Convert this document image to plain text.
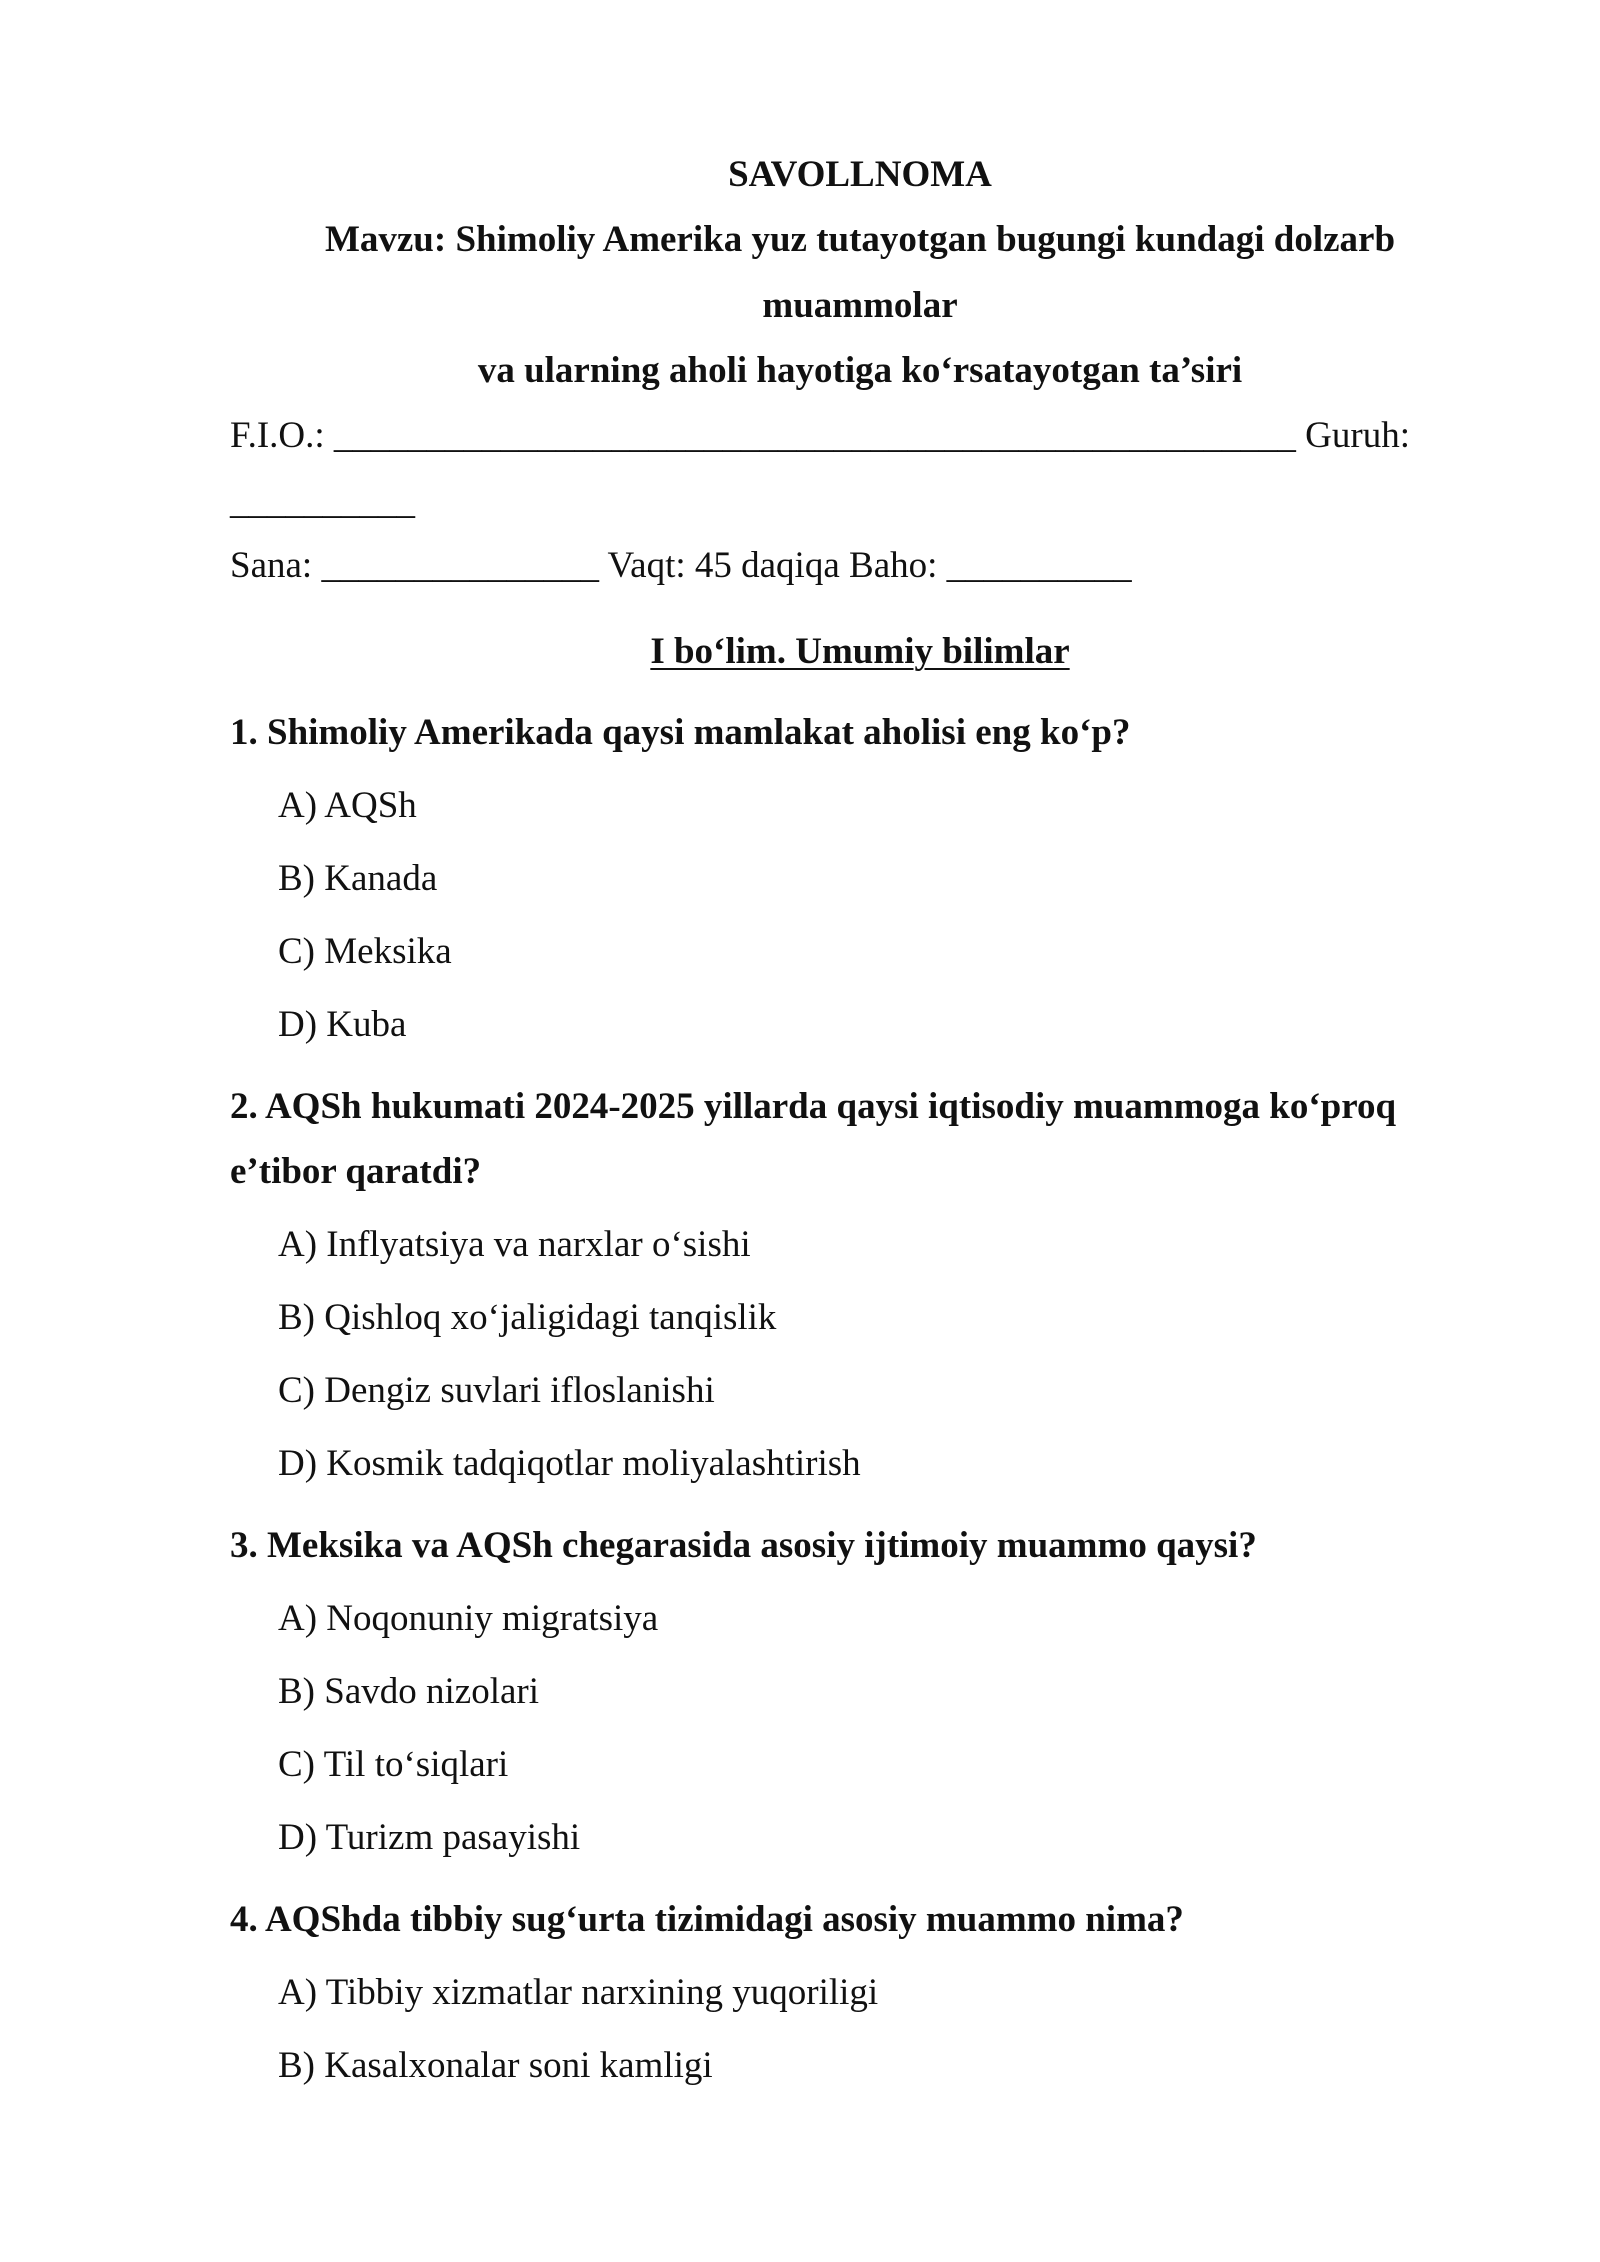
SAVOLLNOMA
Mavzu: Shimoliy Amerika yuz tutayotgan bugungi kundagi dolzarb
muammolar
va ularning aholi hayotiga ko‘rsatayotgan ta’siri
F.I.O.: ____________________________________________________ Guruh:
__________
Sana: _______________ Vaqt: 45 daqiqa Baho: __________
I bo‘lim. Umumiy bilimlar
1. Shimoliy Amerikada qaysi mamlakat aholisi eng ko‘p?
A) AQSh
B) Kanada
C) Meksika
D) Kuba
2. AQSh hukumati 2024-2025 yillarda qaysi iqtisodiy muammoga ko‘proq
e’tibor qaratdi?
A) Inflyatsiya va narxlar o‘sishi
B) Qishloq xo‘jaligidagi tanqislik
C) Dengiz suvlari ifloslanishi
D) Kosmik tadqiqotlar moliyalashtirish
3. Meksika va AQSh chegarasida asosiy ijtimoiy muammo qaysi?
A) Noqonuniy migratsiya
B) Savdo nizolari
C) Til to‘siqlari
D) Turizm pasayishi
4. AQShda tibbiy sug‘urta tizimidagi asosiy muammo nima?
A) Tibbiy xizmatlar narxining yuqoriligi
B) Kasalxonalar soni kamligi
